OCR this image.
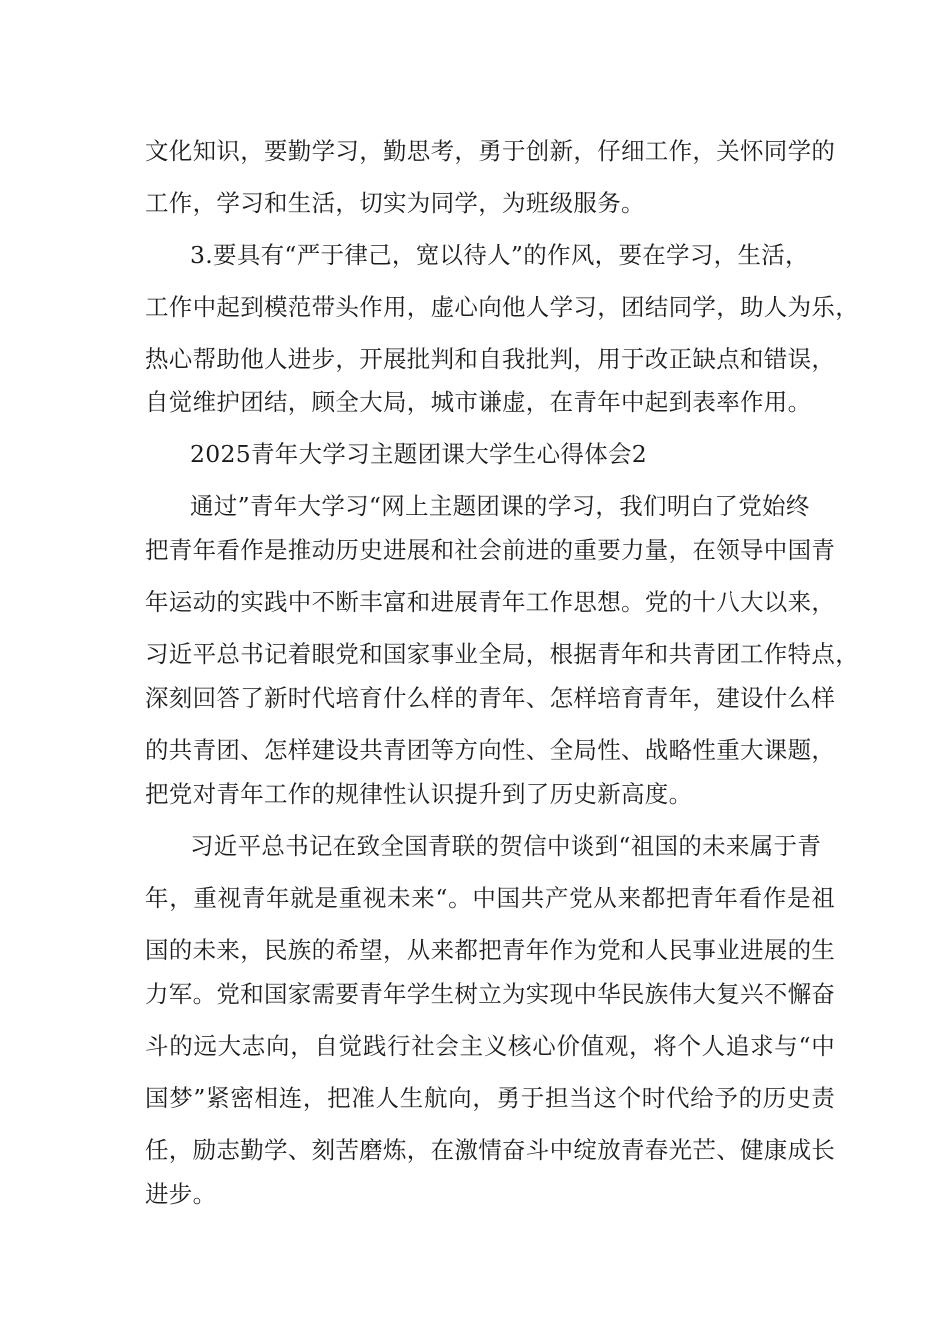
文化知识，要勤学习，勤思考，勇于创新，仔细工作，关怀同学的
工作，学习和生活，切实为同学，为班级服务。
3.要具有“严于律己，宽以待人”的作风，要在学习，生活，
工作中起到模范带头作用，虚心向他人学习，团结同学，助人为乐，
热心帮助他人进步，开展批判和自我批判，用于改正缺点和错误，
自觉维护团结，顾全大局，城市谦虚，在青年中起到表率作用。
2025青年大学习主题团课大学生心得体会2
通过”青年大学习“网上主题团课的学习，我们明白了党始终
把青年看作是推动历史进展和社会前进的重要力量，在领导中国青
年运动的实践中不断丰富和进展青年工作思想。党的十八大以来，
习近平总书记着眼党和国家事业全局，根据青年和共青团工作特点，
深刻回答了新时代培育什么样的青年、怎样培育青年，建设什么样
的共青团、怎样建设共青团等方向性、全局性、战略性重大课题，
把党对青年工作的规律性认识提升到了历史新高度。
习近平总书记在致全国青联的贺信中谈到“祖国的未来属于青
年，重视青年就是重视未来“。中国共产党从来都把青年看作是祖
国的未来，民族的希望，从来都把青年作为党和人民事业进展的生
力军。党和国家需要青年学生树立为实现中华民族伟大复兴不懈奋
斗的远大志向，自觉践行社会主义核心价值观，将个人追求与“中
国梦”紧密相连，把准人生航向，勇于担当这个时代给予的历史责
任，励志勤学、刻苦磨炼，在激情奋斗中绽放青春光芒、健康成长
进步。
